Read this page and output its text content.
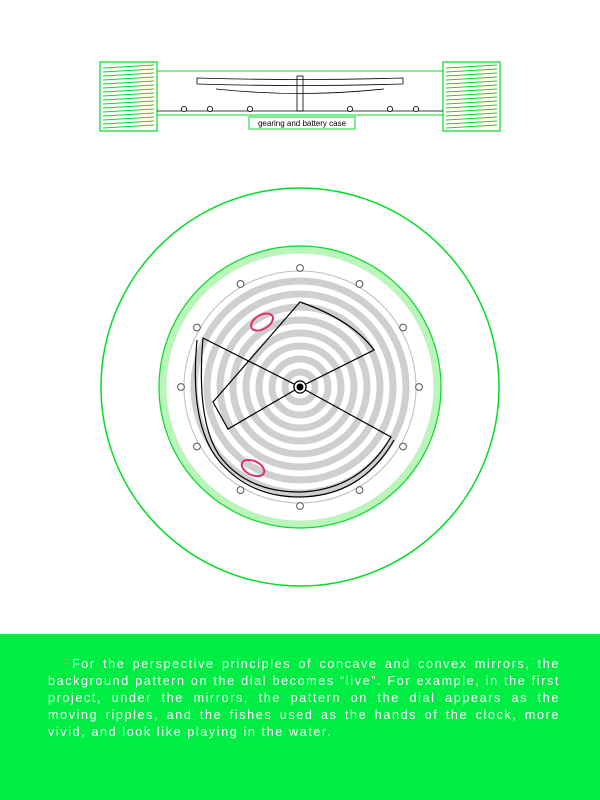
gearing and battery case

For the perspective principles of concave and convex mirrors, the background pattern on the dial becomes “live”. For example, in the first project, under the mirrors, the pattern on the dial appears as the moving ripples, and the fishes used as the hands of the clock, more vivid, and look like playing in the water.
